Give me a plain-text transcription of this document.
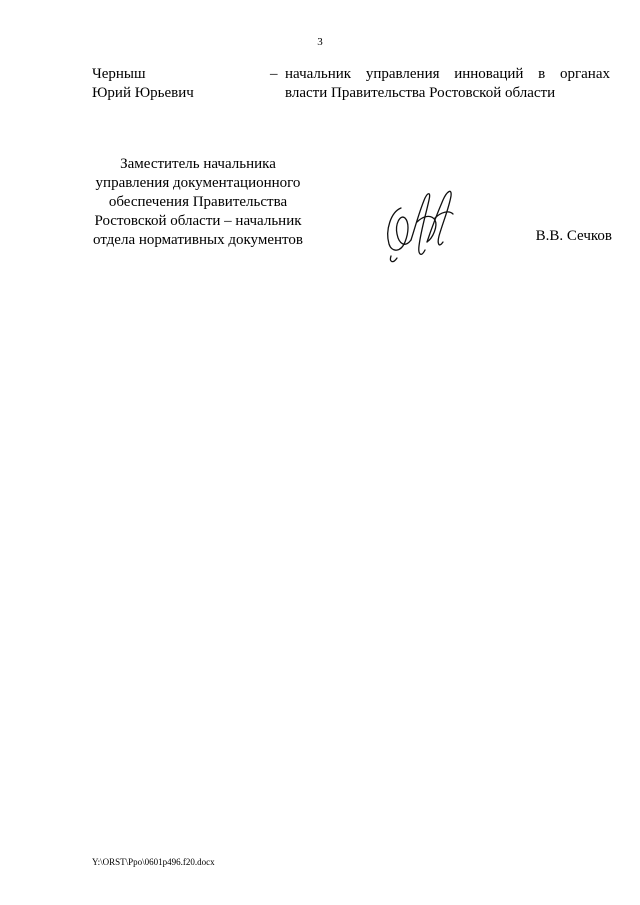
3
Черныш
Юрий Юрьевич
– начальник управления инноваций в органах
власти Правительства Ростовской области
Заместитель начальника
управления документационного
обеспечения Правительства
Ростовской области – начальник
отдела нормативных документов	В.В. Сечков
Y:\ORST\Ppo\0601p496.f20.docx
